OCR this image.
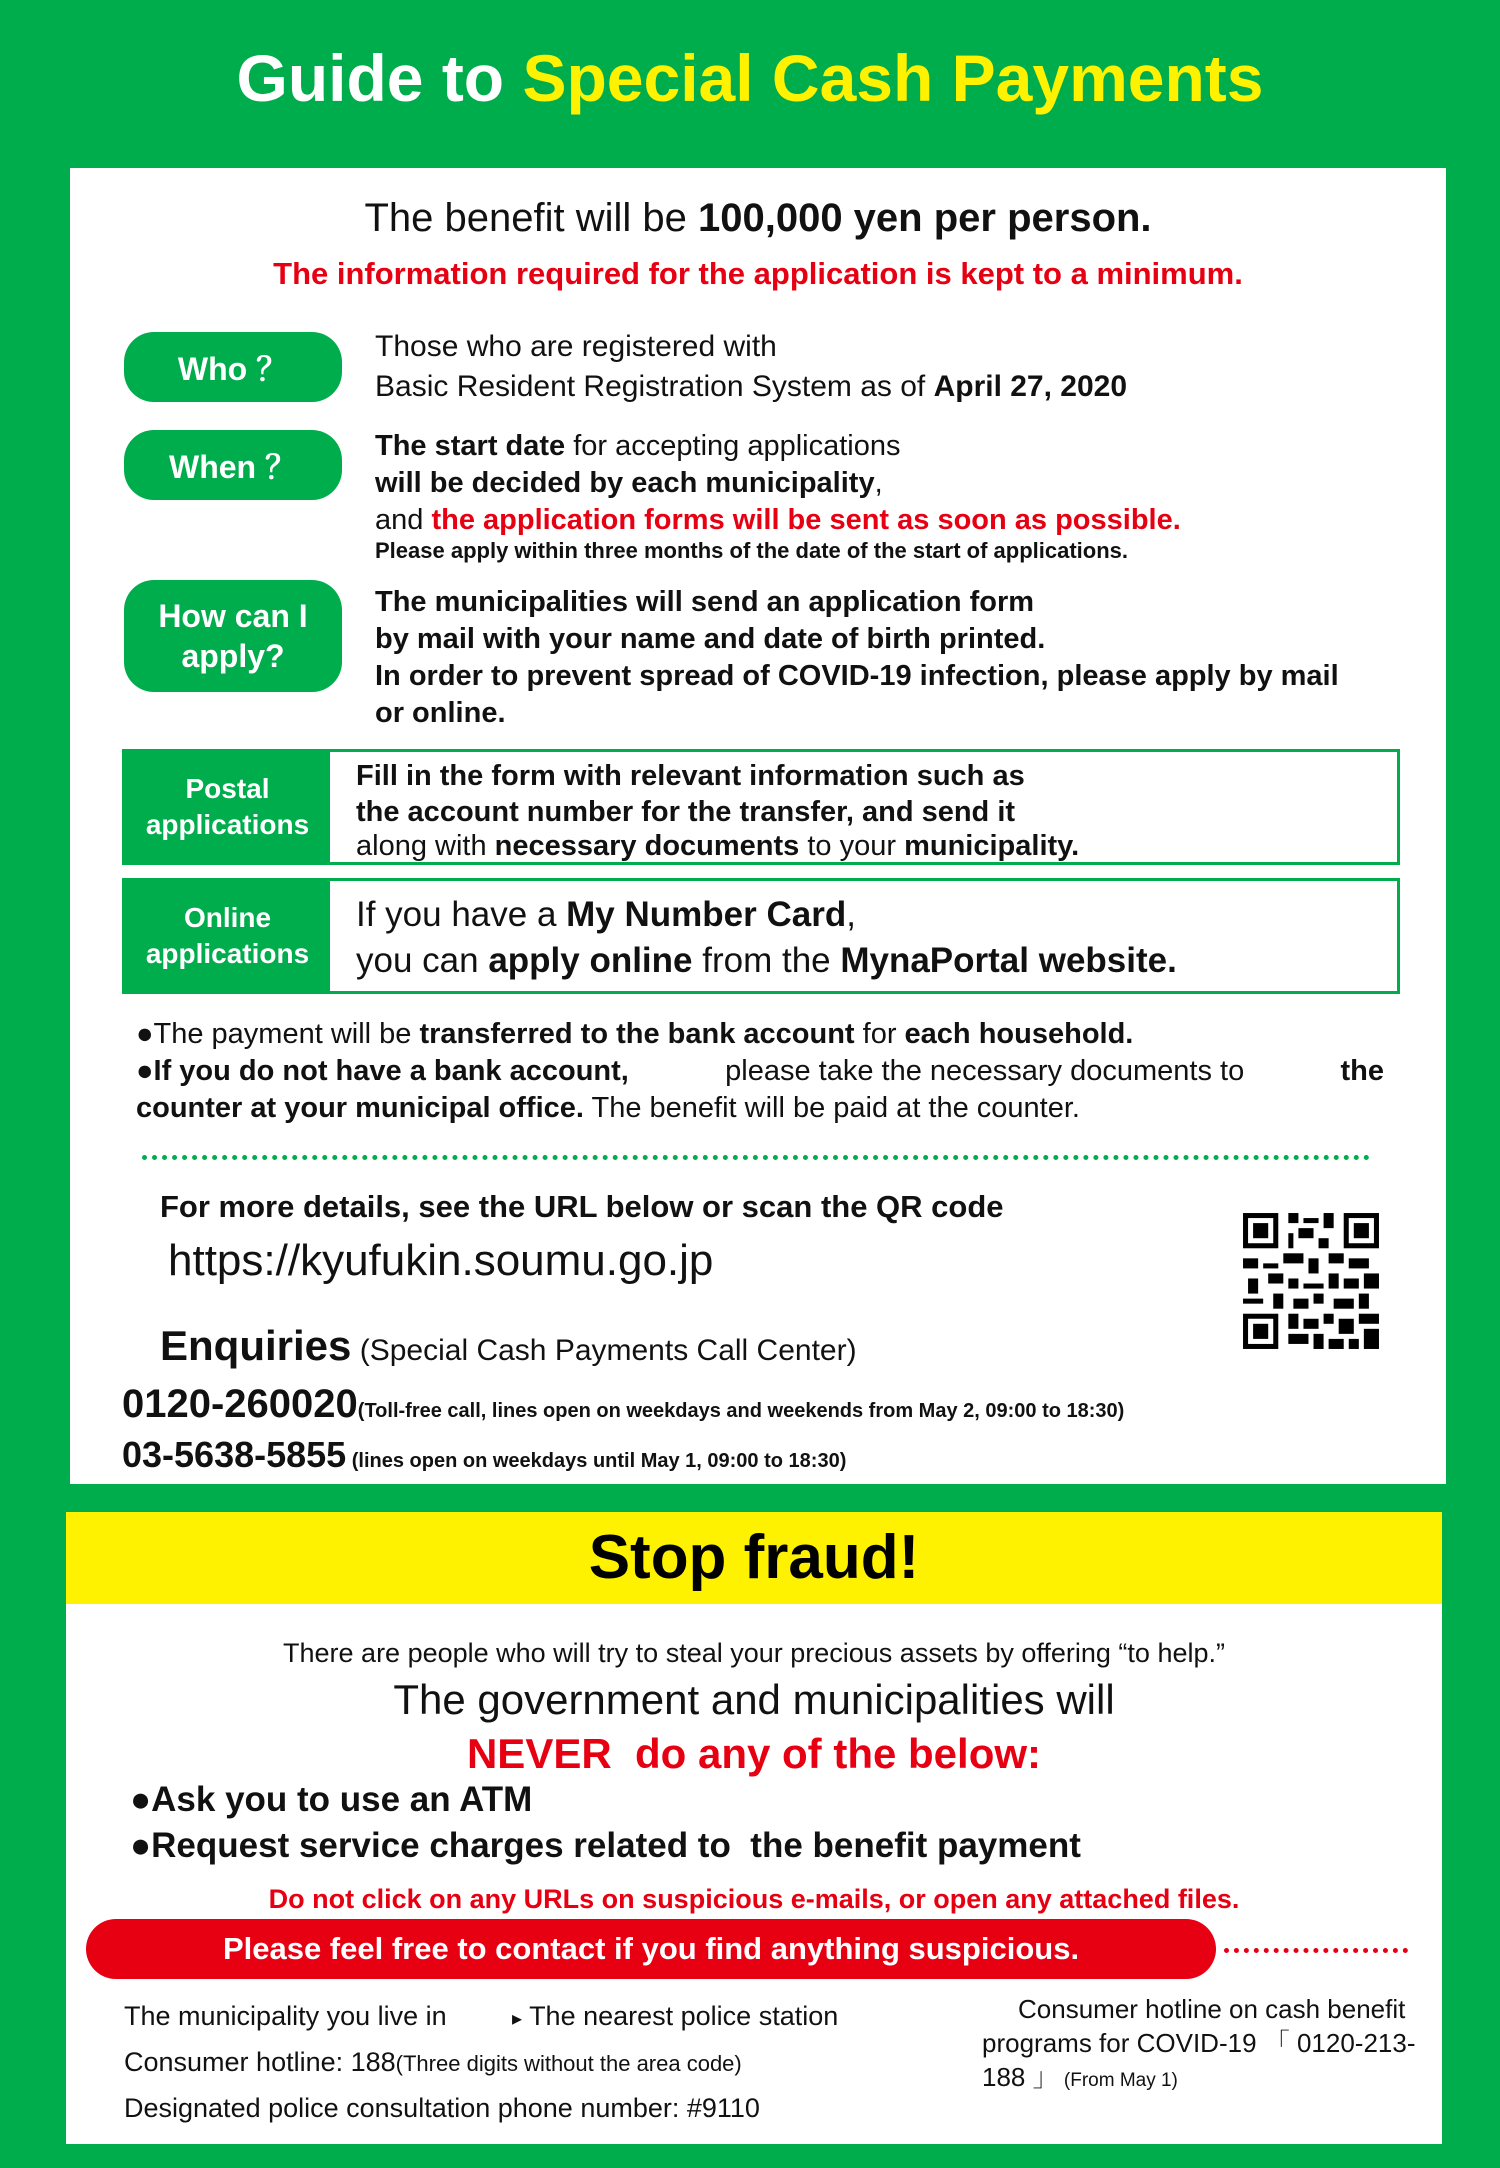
Guide to Special Cash Payments
The benefit will be 100,000 yen per person.
The information required for the application is kept to a minimum.
Who ？
Those who are registered with
Basic Resident Registration System as of April 27, 2020
When ？
The start date for accepting applications
will be decided by each municipality,
and the application forms will be sent as soon as possible.
Please apply within three months of the date of the start of applications.
How can I
apply?
The municipalities will send an application form
by mail with your name and date of birth printed.
In order to prevent spread of COVID-19 infection, please apply by mail
or online.
Postal
applications
Fill in the form with relevant information such as
the account number for the transfer, and send it
along with necessary documents to your municipality.
Online
applications
If you have a My Number Card,
you can apply online from the MynaPortal website.
●The payment will be transferred to the bank account for each household.
●If you do not have a bank account,	please take the necessary documents to	the
counter at your municipal office. The benefit will be paid at the counter.
For more details, see the URL below or scan the QR code
https://kyufukin.soumu.go.jp
Enquiries (Special Cash Payments Call Center)
0120-260020(Toll-free call, lines open on weekdays and weekends from May 2, 09:00 to 18:30)
03-5638-5855 (lines open on weekdays until May 1, 09:00 to 18:30)
Stop fraud!
There are people who will try to steal your precious assets by offering “to help.”
The government and municipalities will
NEVER  do any of the below:
●Ask you to use an ATM
●Request service charges related to  the benefit payment
Do not click on any URLs on suspicious e-mails, or open any attached files.
Please feel free to contact if you find anything suspicious.
The municipality you live in	▸ The nearest police station
Consumer hotline: 188(Three digits without the area code)
Designated police consultation phone number: #9110
Consumer hotline on cash benefit
programs for COVID-19 「 0120-213-
188 」 (From May 1)
